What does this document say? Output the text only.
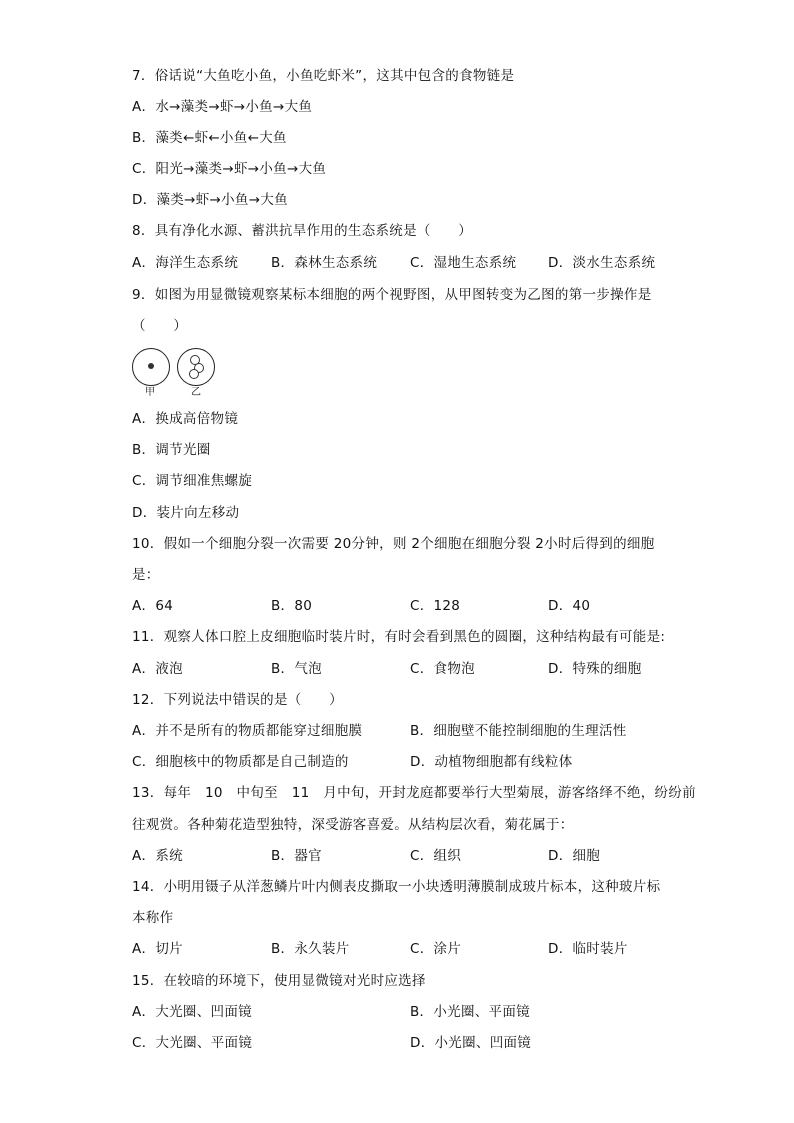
7．俗话说“大鱼吃小鱼，小鱼吃虾米”，这其中包含的食物链是
A．水→藻类→虾→小鱼→大鱼
B．藻类←虾←小鱼←大鱼
C．阳光→藻类→虾→小鱼→大鱼
D．藻类→虾→小鱼→大鱼
8．具有净化水源、蓄洪抗旱作用的生态系统是（　　）
A．海洋生态系统 B．森林生态系统 C．湿地生态系统 D．淡水生态系统
9．如图为用显微镜观察某标本细胞的两个视野图，从甲图转变为乙图的第一步操作是
（　　）
甲	乙
A．换成高倍物镜
B．调节光圈
C．调节细准焦螺旋
D．装片向左移动
10．假如一个细胞分裂一次需要 20分钟，则 2个细胞在细胞分裂 2小时后得到的细胞
是：
A．64	B．80	C．128	D．40
11．观察人体口腔上皮细胞临时装片时，有时会看到黑色的圆圈，这种结构最有可能是:
A．液泡	B．气泡	C．食物泡	D．特殊的细胞
12．下列说法中错误的是（　　）
A．并不是所有的物质都能穿过细胞膜	B．细胞壁不能控制细胞的生理活性
C．细胞核中的物质都是自己制造的	D．动植物细胞都有线粒体
13．每年　10　中旬至　11　月中旬，开封龙庭都要举行大型菊展，游客络绎不绝，纷纷前
往观赏。各种菊花造型独特，深受游客喜爱。从结构层次看，菊花属于：
A．系统	B．器官	C．组织	D．细胞
14．小明用镊子从洋葱鳞片叶内侧表皮撕取一小块透明薄膜制成玻片标本，这种玻片标
本称作
A．切片	B．永久装片	C．涂片	D．临时装片
15．在较暗的环境下，使用显微镜对光时应选择
A．大光圈、凹面镜	B．小光圈、平面镜
C．大光圈、平面镜	D．小光圈、凹面镜
